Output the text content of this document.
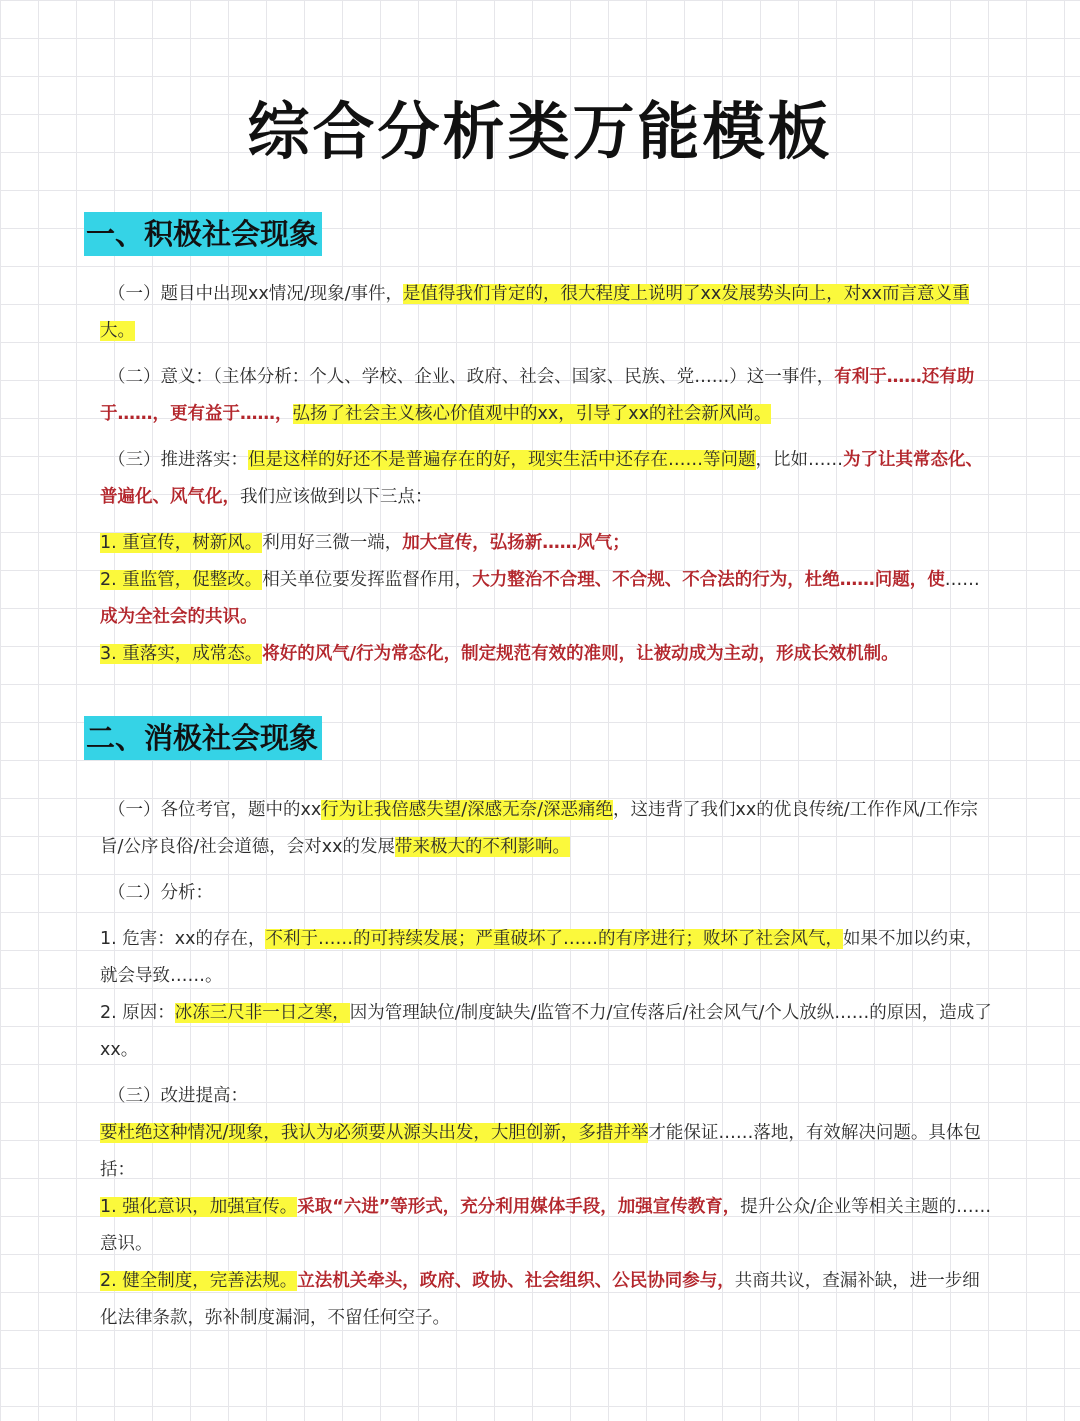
综合分析类万能模板
一、积极社会现象

（一）题目中出现xx情况/现象/事件，是值得我们肯定的，很大程度上说明了xx发展势头向上，对xx而言意义重大。

（二）意义：（主体分析：个人、学校、企业、政府、社会、国家、民族、党……）这一事件，有利于……还有助于……，更有益于……，弘扬了社会主义核心价值观中的xx，引导了xx的社会新风尚。

（三）推进落实：但是这样的好还不是普遍存在的好，现实生活中还存在……等问题，比如……为了让其常态化、普遍化、风气化，我们应该做到以下三点：

1. 重宣传，树新风。利用好三微一端，加大宣传，弘扬新……风气；

2. 重监管，促整改。相关单位要发挥监督作用，大力整治不合理、不合规、不合法的行为，杜绝……问题，使……成为全社会的共识。

3. 重落实，成常态。将好的风气/行为常态化，制定规范有效的准则，让被动成为主动，形成长效机制。

二、消极社会现象

（一）各位考官，题中的xx行为让我倍感失望/深感无奈/深恶痛绝，这违背了我们xx的优良传统/工作作风/工作宗旨/公序良俗/社会道德，会对xx的发展带来极大的不利影响。

（二）分析：

1. 危害：xx的存在，不利于……的可持续发展；严重破坏了……的有序进行；败坏了社会风气，如果不加以约束，就会导致……。

2. 原因：冰冻三尺非一日之寒，因为管理缺位/制度缺失/监管不力/宣传落后/社会风气/个人放纵……的原因，造成了xx。

（三）改进提高：

要杜绝这种情况/现象，我认为必须要从源头出发，大胆创新，多措并举才能保证……落地，有效解决问题。具体包括：

1. 强化意识，加强宣传。采取“六进”等形式，充分利用媒体手段，加强宣传教育，提升公众/企业等相关主题的……意识。

2. 健全制度，完善法规。立法机关牵头，政府、政协、社会组织、公民协同参与，共商共议，查漏补缺，进一步细化法律条款，弥补制度漏洞，不留任何空子。
